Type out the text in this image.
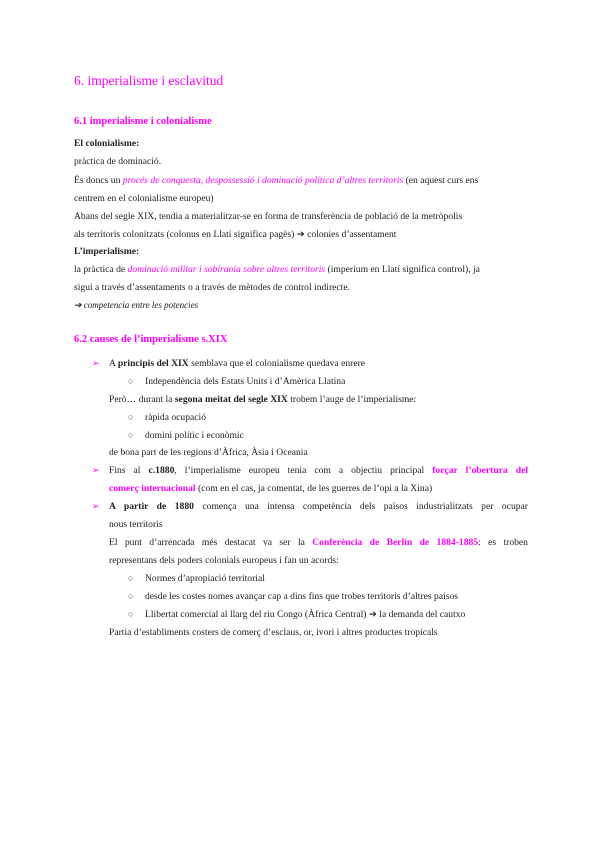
6. imperialisme i esclavitud
6.1 imperialisme i colonialisme
El colonialisme:
pràctica de dominació.
És doncs un procés de conquesta, despossessió i dominació política d’altres territoris (en aquest curs ens
centrem en el colonialisme europeu)
Abans del segle XIX, tendia a materialitzar-se en forma de transferència de població de la metròpolis
als territoris colonitzats (colonus en Llatí significa pagès) ➔ colonies d’assentament
L’imperialisme:
la pràctica de dominació militar i sobirania sobre altres territoris (imperium en Llatí significa control), ja
sigui a través d’assentaments o a través de mètodes de control indirecte.
➔ competencia entre les potencies
6.2 causes de l’imperialisme s.XIX
➢ A principis del XIX semblava que el colonialisme quedava enrere
○ Independència dels Estats Units i d’Amèrica Llatina
Però… durant la segona meitat del segle XIX trobem l’auge de l’imperialisme:
○ ràpida ocupació
○ domini polític i econòmic
de bona part de les regions d’Àfrica, Àsia i Oceania
➢ Fins al c.1880, l’imperialisme europeu tenia com a objectiu principal forçar l’obertura del
comerç internacional (com en el cas, ja comentat, de les guerres de l’opi a la Xina)
➢ A partir de 1880 comença una intensa competència dels països industrialitzats per ocupar
nous territoris
El punt d’arrencada més destacat va ser la Conferència de Berlín de 1884-1885: es troben
representans dels poders colonials europeus i fan un acords:
○ Normes d’apropiació territorial
○ desde les costes nomes avançar cap a dins fins que trobes territoris d’altres paisos
○ Llibertat comercial al llarg del riu Congo (Àfrica Central) ➔ la demanda del cautxo
Partia d’establiments costers de comerç d’esclaus, or, ivori i altres productes tropicals
